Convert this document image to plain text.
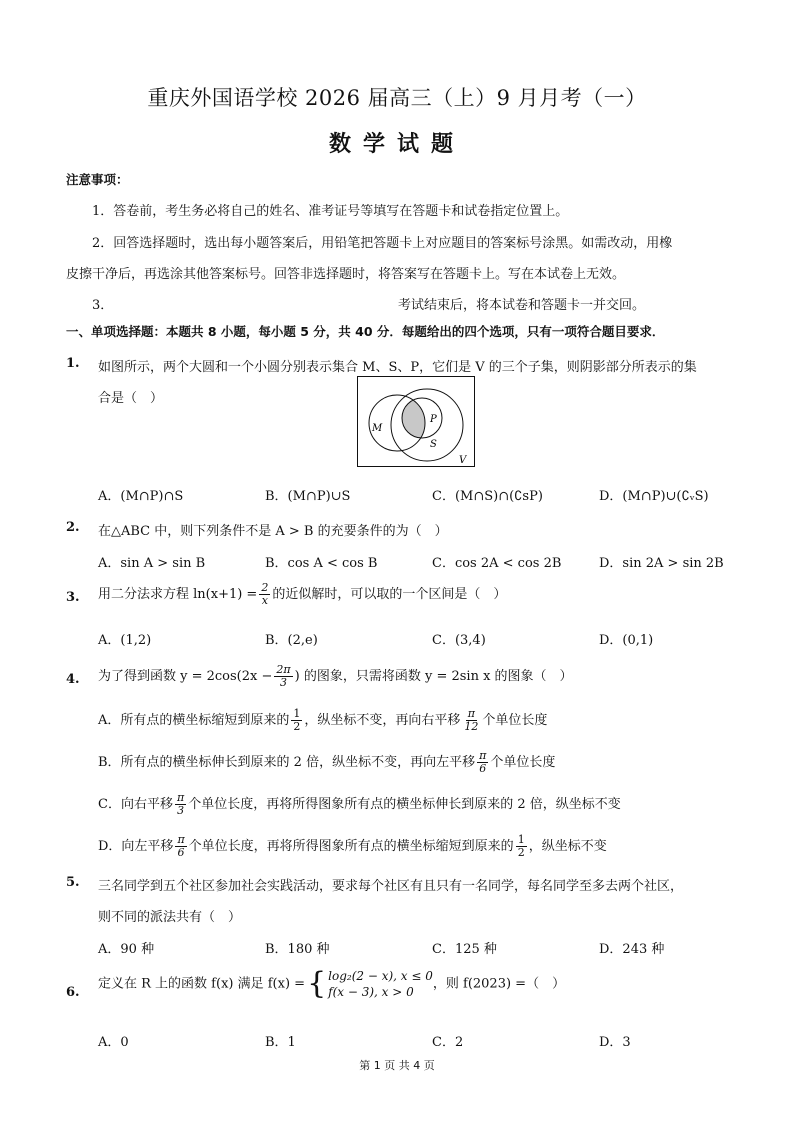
重庆外国语学校 2026 届高三（上）9 月月考（一）
数学试题
注意事项：
1．答卷前，考生务必将自己的姓名、准考证号等填写在答题卡和试卷指定位置上。
2．回答选择题时，选出每小题答案后，用铅笔把答题卡上对应题目的答案标号涂黑。如需改动，用橡
皮擦干净后，再选涂其他答案标号。回答非选择题时，将答案写在答题卡上。写在本试卷上无效。
3．	考试结束后，将本试卷和答题卡一并交回。
一、单项选择题：本题共 8 小题，每小题 5 分，共 40 分．每题给出的四个选项，只有一项符合题目要求．
1. 如图所示，两个大圆和一个小圆分别表示集合 M、S、P，它们是 V 的三个子集，则阴影部分所表示的集
合是（　）
M
P
S
V
A．(M∩P)∩S	B．(M∩P)∪S	C．(M∩S)∩(∁ꜱP)	D．(M∩P)∪(∁ᵥS)
2. 在△ABC 中，则下列条件不是 A > B 的充要条件的为（　）
A．sin A > sin B	B．cos A < cos B	C．cos 2A < cos 2B	D．sin 2A > sin 2B
3. 用二分法求方程 $\ln(x+1) = \frac{2}{x}$ 的近似解时，可以取的一个区间是（　）
A．(1,2)	B．(2,e)	C．(3,4)	D．(0,1)
4. 为了得到函数 $y = 2\cos(2x - \frac{2\pi}{3}$ ) 的图象，只需将函数 y = 2sin x 的图象（　）
A．所有点的横坐标缩短到原来的 $\frac{1}{2}$ ，纵坐标不变，再向右平移 $\frac{\pi}{12}$ 个单位长度
B．所有点的横坐标伸长到原来的 2 倍，纵坐标不变，再向左平移 $\frac{\pi}{6}$ 个单位长度
C．向右平移 $\frac{\pi}{3}$ 个单位长度，再将所得图象所有点的横坐标伸长到原来的 2 倍，纵坐标不变
D．向左平移 $\frac{\pi}{6}$ 个单位长度，再将所得图象所有点的横坐标缩短到原来的 $\frac{1}{2}$ ，纵坐标不变
5. 三名同学到五个社区参加社会实践活动，要求每个社区有且只有一名同学，每名同学至多去两个社区，
则不同的派法共有（　）
A．90 种	B．180 种	C．125 种	D．243 种
6.
定义在 R 上的函数 f(x) 满足 f(x) = { log₂(2 − x), x ≤ 0
f(x − 3), x > 0
，则 f(2023) =（　）
A．0	B．1	C．2	D．3
第 1 页 共 4 页
